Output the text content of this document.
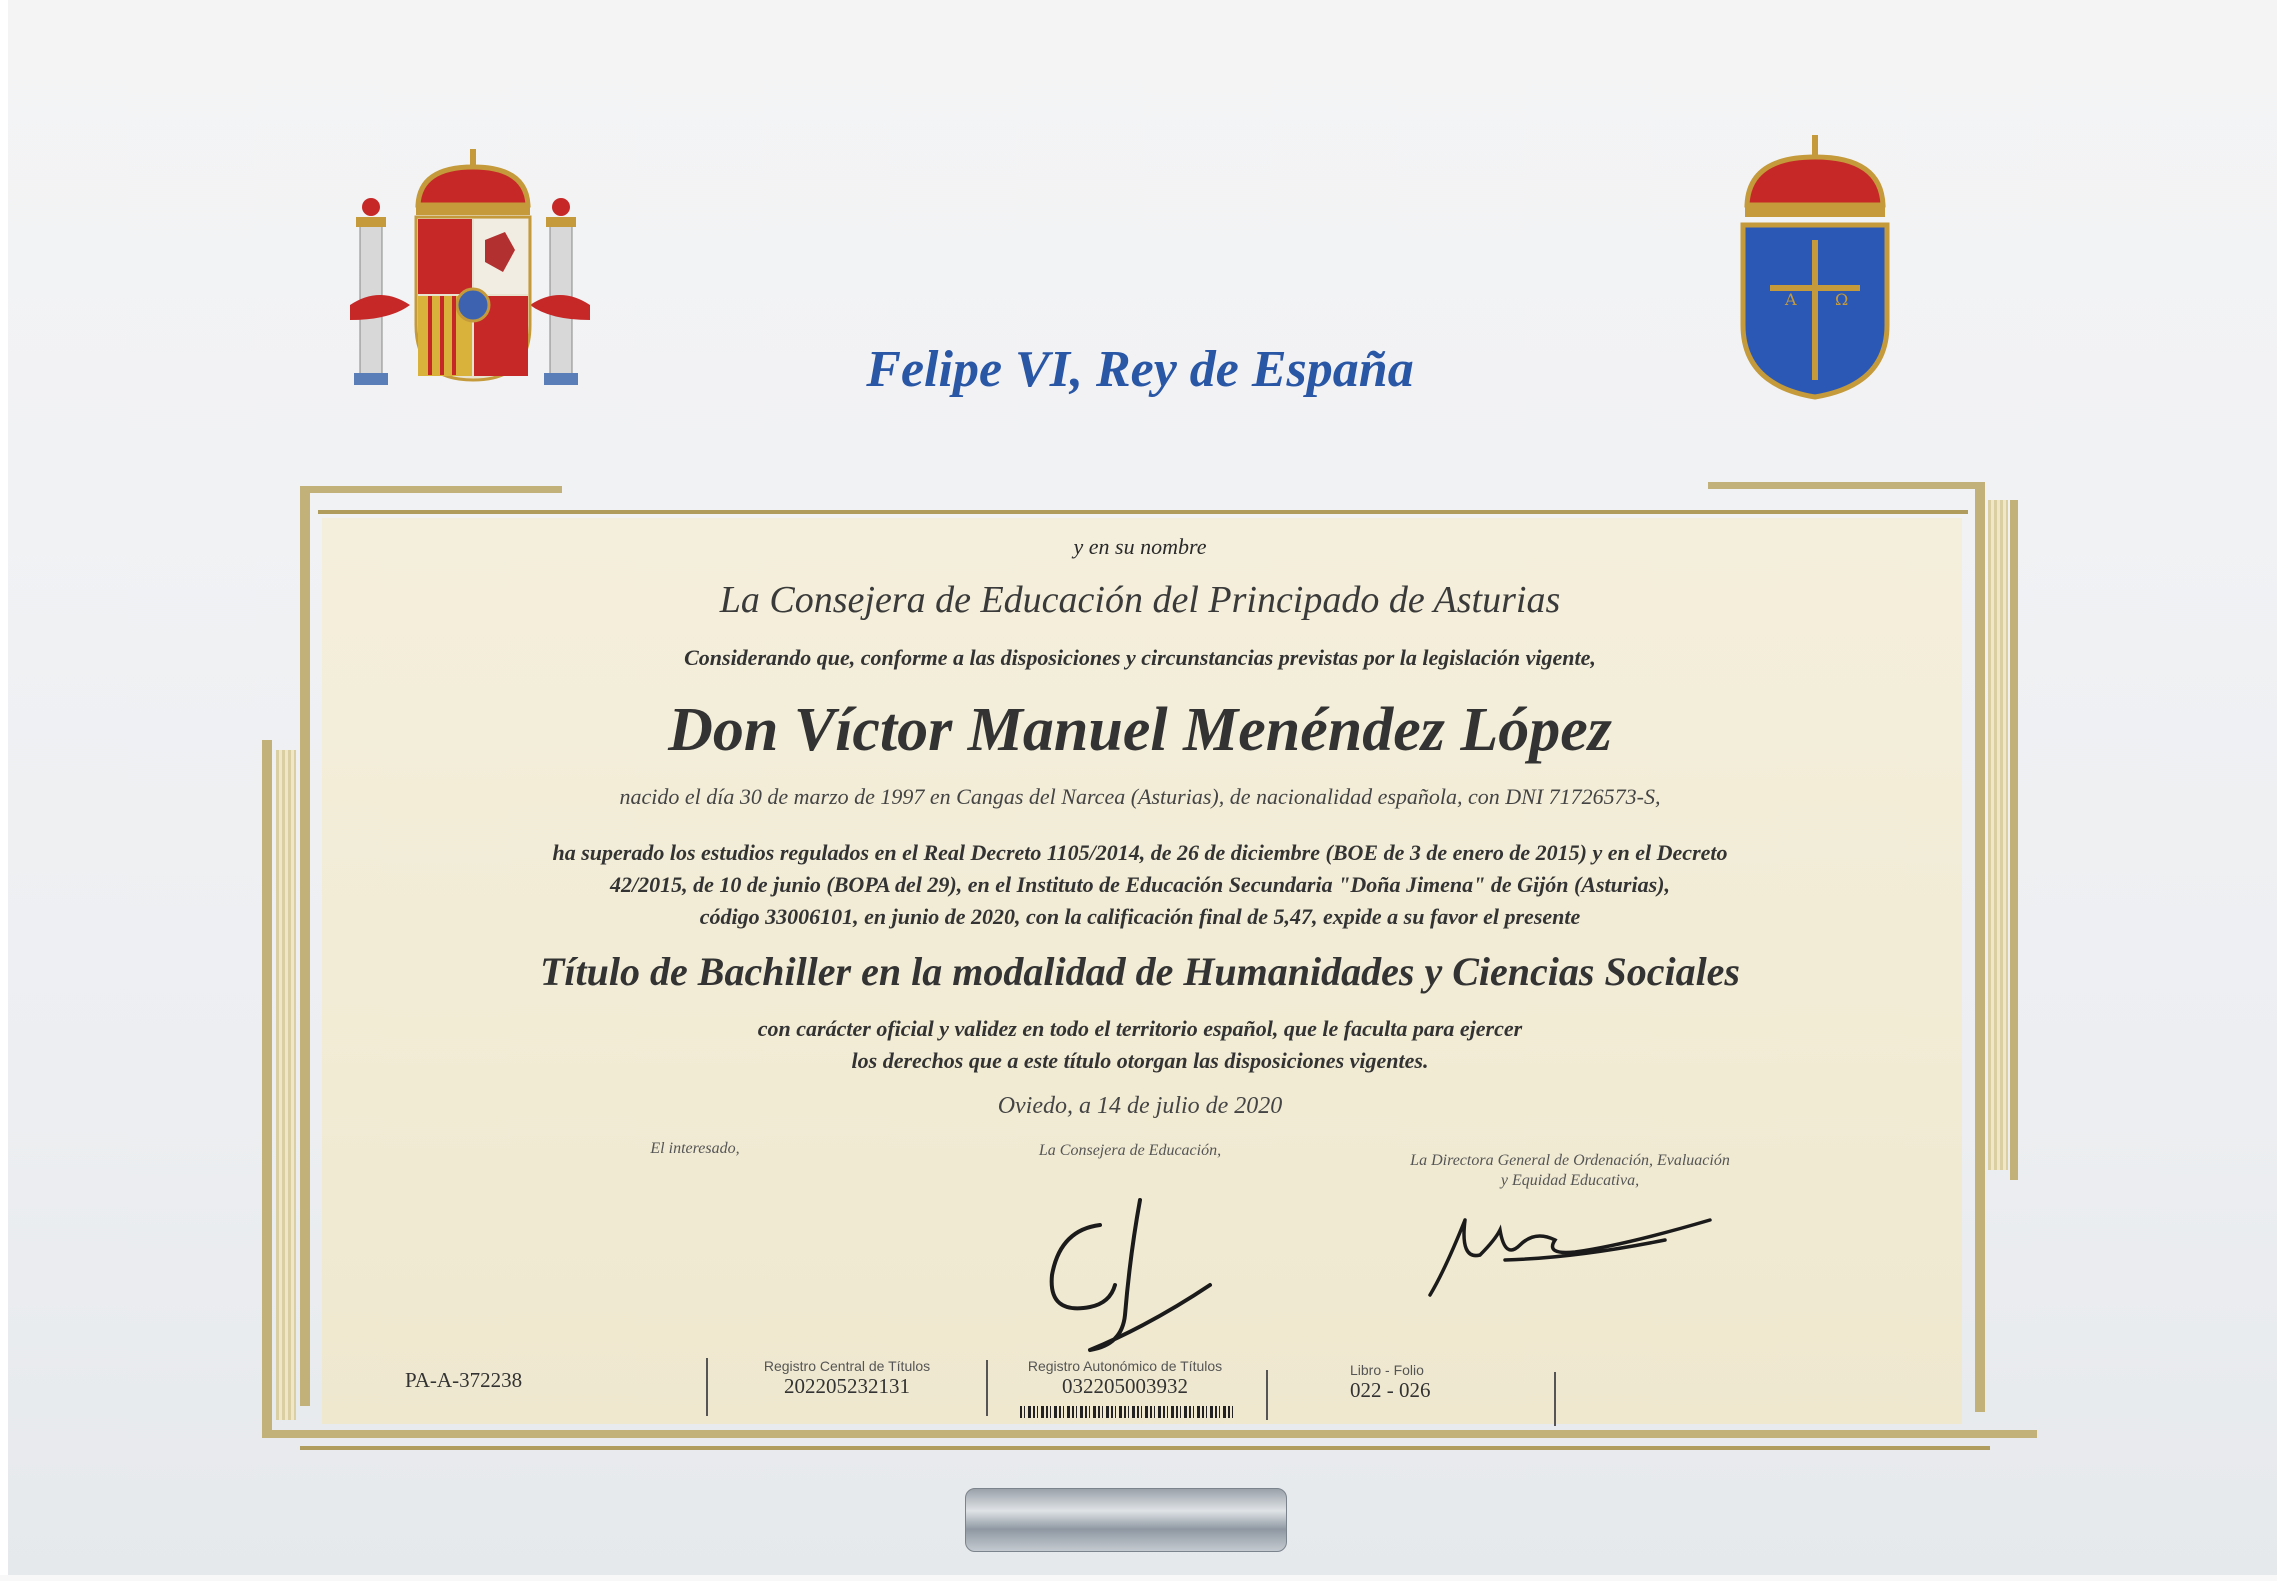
A Ω
Felipe VI, Rey de España
y en su nombre
La Consejera de Educación del Principado de Asturias
Considerando que, conforme a las disposiciones y circunstancias previstas por la legislación vigente,
Don Víctor Manuel Menéndez López
nacido el día 30 de marzo de 1997 en Cangas del Narcea (Asturias), de nacionalidad española, con DNI 71726573-S,
ha superado los estudios regulados en el Real Decreto 1105/2014, de 26 de diciembre (BOE de 3 de enero de 2015) y en el Decreto
42/2015, de 10 de junio (BOPA del 29), en el Instituto de Educación Secundaria "Doña Jimena" de Gijón (Asturias),
código 33006101, en junio de 2020, con la calificación final de 5,47, expide a su favor el presente
Título de Bachiller en la modalidad de Humanidades y Ciencias Sociales
con carácter oficial y validez en todo el territorio español, que le faculta para ejercer
los derechos que a este título otorgan las disposiciones vigentes.
Oviedo, a 14 de julio de 2020
El interesado,	La Consejera de Educación,
La Directora General de Ordenación, Evaluación
y Equidad Educativa,
PA-A-372238
Registro Central de Títulos
202205232131
Registro Autonómico de Títulos
032205003932
Libro - Folio
022 - 026
